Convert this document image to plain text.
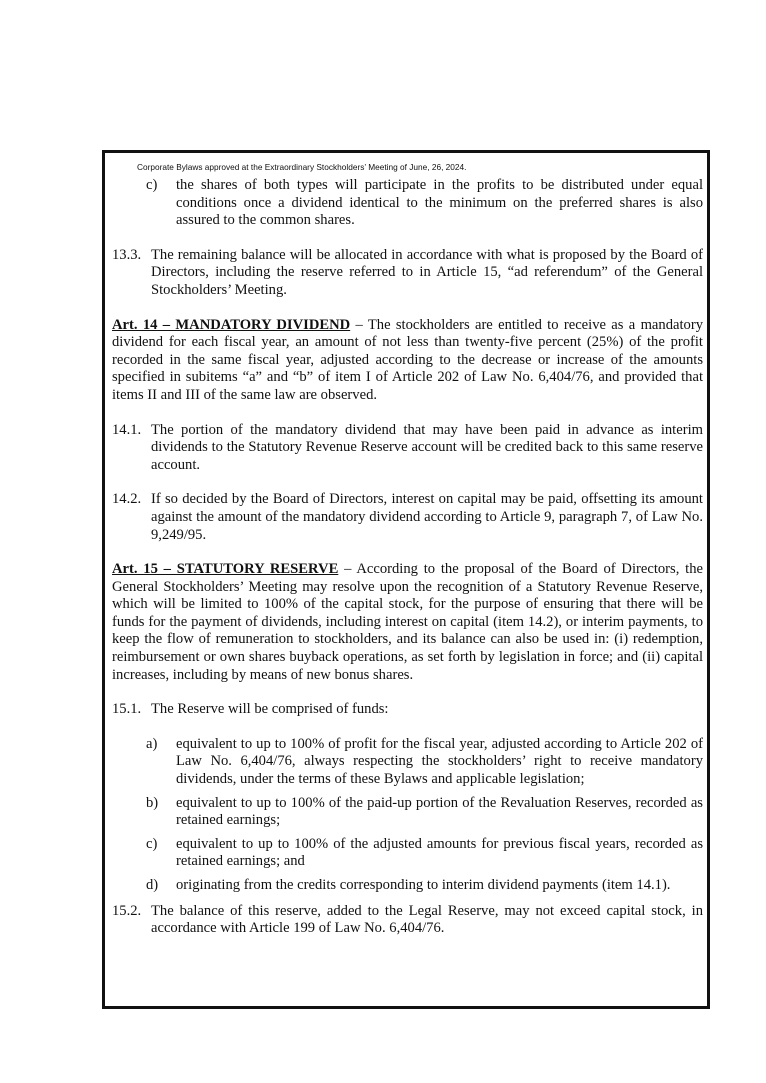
Corporate Bylaws approved at the Extraordinary Stockholders’ Meeting of June, 26, 2024.
c)	the shares of both types will participate in the profits to be distributed under equal conditions once a dividend identical to the minimum on the preferred shares is also assured to the common shares.
13.3. The remaining balance will be allocated in accordance with what is proposed by the Board of Directors, including the reserve referred to in Article 15, “ad referendum” of the General Stockholders’ Meeting.

Art. 14 – MANDATORY DIVIDEND – The stockholders are entitled to receive as a mandatory dividend for each fiscal year, an amount of not less than twenty-five percent (25%) of the profit recorded in the same fiscal year, adjusted according to the decrease or increase of the amounts specified in subitems “a” and “b” of item I of Article 202 of Law No. 6,404/76, and provided that items II and III of the same law are observed.

14.1. The portion of the mandatory dividend that may have been paid in advance as interim dividends to the Statutory Revenue Reserve account will be credited back to this same reserve account.
14.2. If so decided by the Board of Directors, interest on capital may be paid, offsetting its amount against the amount of the mandatory dividend according to Article 9, paragraph 7, of Law No. 9,249/95.

Art. 15 – STATUTORY RESERVE – According to the proposal of the Board of Directors, the General Stockholders’ Meeting may resolve upon the recognition of a Statutory Revenue Reserve, which will be limited to 100% of the capital stock, for the purpose of ensuring that there will be funds for the payment of dividends, including interest on capital (item 14.2), or interim payments, to keep the flow of remuneration to stockholders, and its balance can also be used in: (i) redemption, reimbursement or own shares buyback operations, as set forth by legislation in force; and (ii) capital increases, including by means of new bonus shares.

15.1. The Reserve will be comprised of funds:
a)	equivalent to up to 100% of profit for the fiscal year, adjusted according to Article 202 of Law No. 6,404/76, always respecting the stockholders’ right to receive mandatory dividends, under the terms of these Bylaws and applicable legislation;
b)	equivalent to up to 100% of the paid-up portion of the Revaluation Reserves, recorded as retained earnings;
c)	equivalent to up to 100% of the adjusted amounts for previous fiscal years, recorded as retained earnings; and
d)	originating from the credits corresponding to interim dividend payments (item 14.1).
15.2. The balance of this reserve, added to the Legal Reserve, may not exceed capital stock, in accordance with Article 199 of Law No. 6,404/76.
